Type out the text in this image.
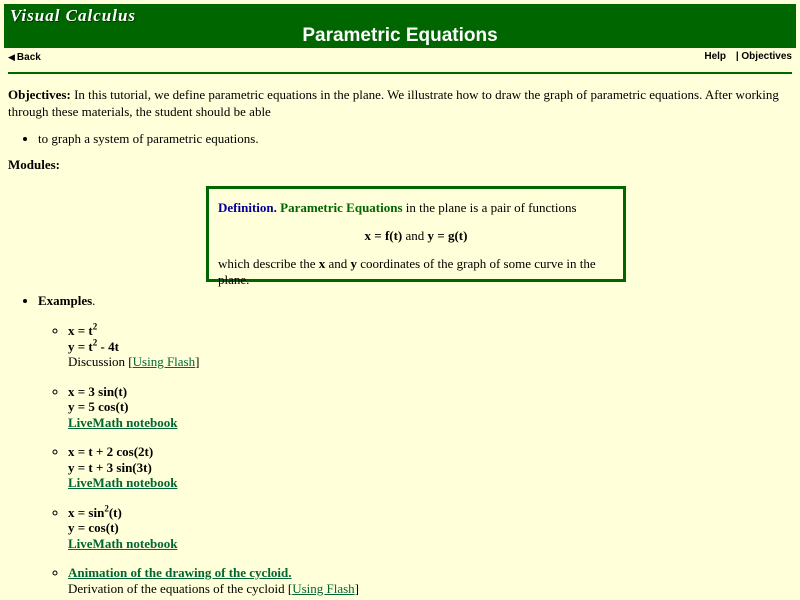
Visual Calculus
Parametric Equations
◀ Back	Help | Objectives

Objectives: In this tutorial, we define parametric equations in the plane. We illustrate how to draw the graph of parametric equations. After working through these materials, the student should be able

• to graph a system of parametric equations.

Modules:

Definition. Parametric Equations in the plane is a pair of functions
x = f(t) and y = g(t)
which describe the x and y coordinates of the graph of some curve in the plane.
• Examples.
◦ $x = t^2$
$y = t^2 - 4t$
Discussion [Using Flash]
◦ x = 3 sin(t)
y = 5 cos(t)
LiveMath notebook
◦ x = t + 2 cos(2t)
y = t + 3 sin(3t)
LiveMath notebook
◦ $x = \sin^2(t)$
y = cos(t)
LiveMath notebook
◦ Animation of the drawing of the cycloid.
Derivation of the equations of the cycloid [Using Flash]
